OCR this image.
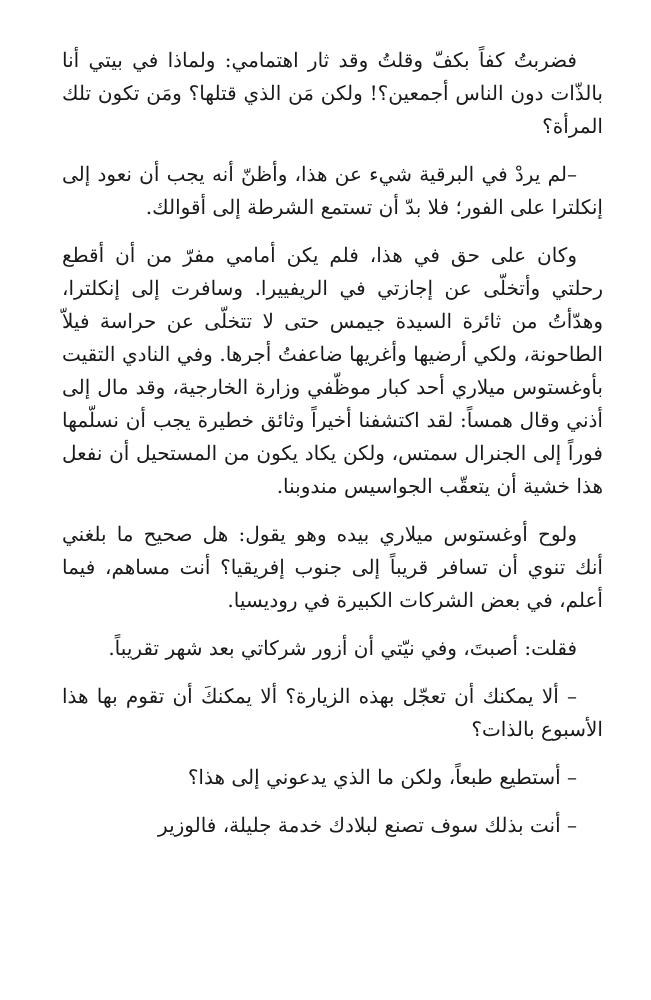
فضربتُ كفاً بكفّ وقلتُ وقد ثار اهتمامي: ولماذا في بيتي أنا بالذّات دون الناس أجمعين؟! ولكن مَن الذي قتلها؟ ومَن تكون تلك المرأة؟

–لم يردْ في البرقية شيء عن هذا، وأظنّ أنه يجب أن نعود إلى إنكلترا على الفور؛ فلا بدّ أن تستمع الشرطة إلى أقوالك.

وكان على حق في هذا، فلم يكن أمامي مفرّ من أن أقطع رحلتي وأتخلّى عن إجازتي في الريفييرا. وسافرت إلى إنكلترا، وهدّأتُ من ثائرة السيدة جيمس حتى لا تتخلّى عن حراسة فيلاّ الطاحونة، ولكي أرضيها وأغريها ضاعفتُ أجرها. وفي النادي التقيت بأوغستوس ميلاري أحد كبار موظّفي وزارة الخارجية، وقد مال إلى أذني وقال همساً: لقد اكتشفنا أخيراً وثائق خطيرة يجب أن نسلّمها فوراً إلى الجنرال سمتس، ولكن يكاد يكون من المستحيل أن نفعل هذا خشية أن يتعقّب الجواسيس مندوبنا.

ولوح أوغستوس ميلاري بيده وهو يقول: هل صحيح ما بلغني أنك تنوي أن تسافر قريباً إلى جنوب إفريقيا؟ أنت مساهم، فيما أعلم، في بعض الشركات الكبيرة في روديسيا.

فقلت: أصبتَ، وفي نيّتي أن أزور شركاتي بعد شهر تقريباً.

– ألا يمكنك أن تعجّل بهذه الزيارة؟ ألا يمكنكَ أن تقوم بها هذا الأسبوع بالذات؟

– أستطيع طبعاً، ولكن ما الذي يدعوني إلى هذا؟

– أنت بذلك سوف تصنع لبلادك خدمة جليلة، فالوزير
